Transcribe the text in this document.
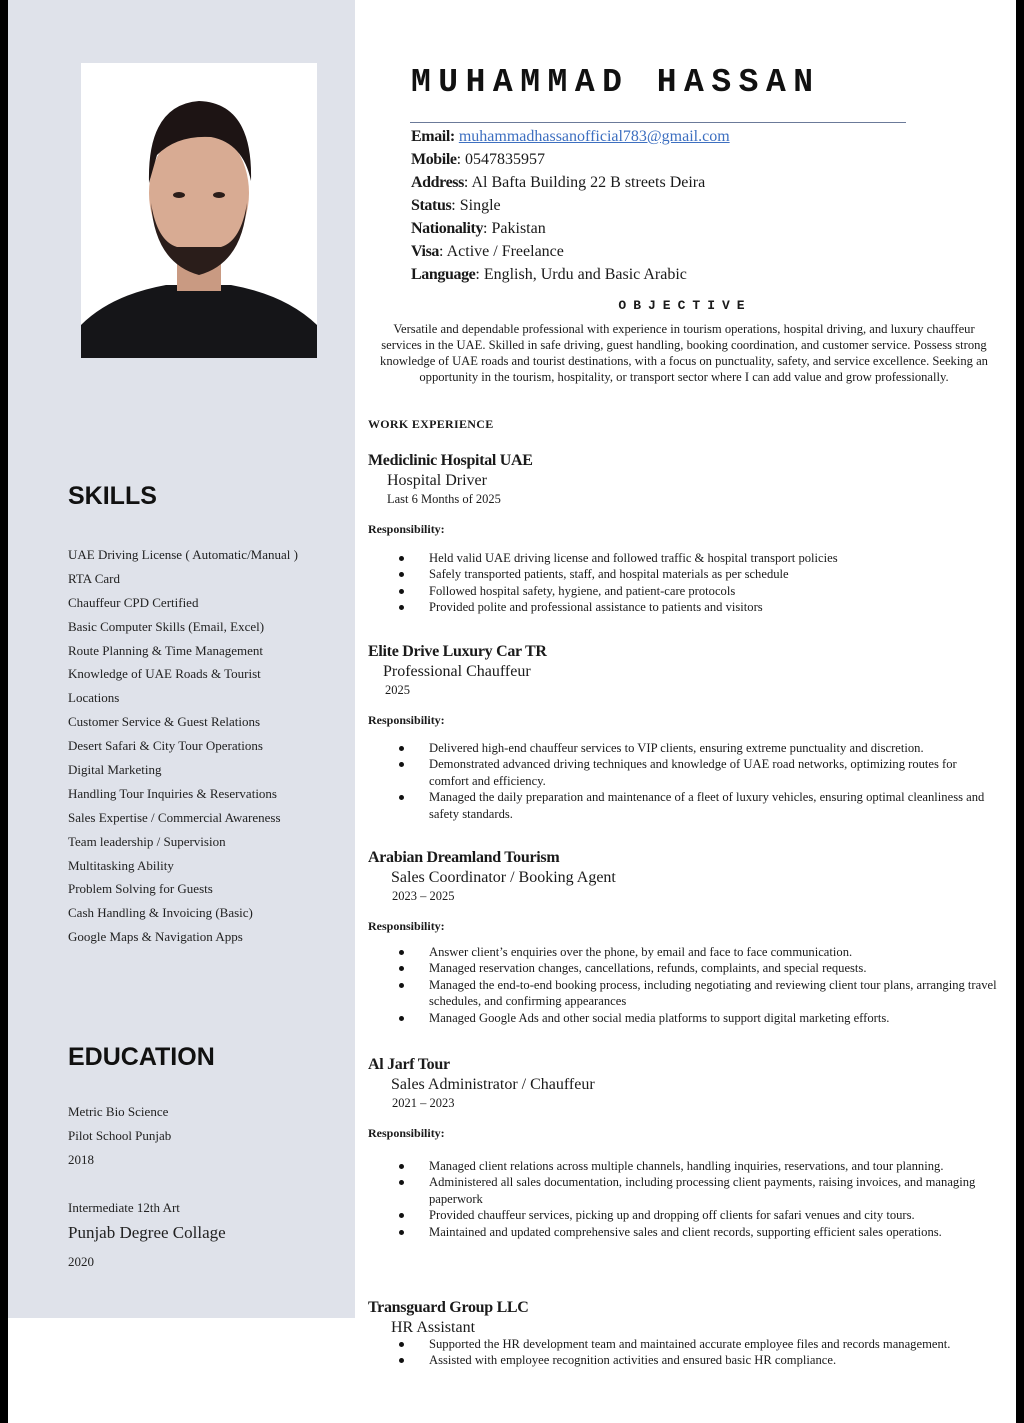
SKILLS
UAE Driving License ( Automatic/Manual )
RTA Card
Chauffeur CPD Certified
Basic Computer Skills (Email, Excel)
Route Planning & Time Management
Knowledge of UAE Roads & Tourist
Locations
Customer Service & Guest Relations
Desert Safari & City Tour Operations
Digital Marketing
Handling Tour Inquiries & Reservations
Sales Expertise / Commercial Awareness
Team leadership / Supervision
Multitasking Ability
Problem Solving for Guests
Cash Handling & Invoicing (Basic)
Google Maps & Navigation Apps
EDUCATION
Metric Bio Science
Pilot School Punjab
2018
Intermediate 12th Art
Punjab Degree Collage
2020
MUHAMMAD HASSAN
Email: muhammadhassanofficial783@gmail.com
Mobile: 0547835957
Address: Al Bafta Building 22 B streets Deira
Status: Single
Nationality: Pakistan
Visa: Active / Freelance
Language: English, Urdu and Basic Arabic
OBJECTIVE
Versatile and dependable professional with experience in tourism operations, hospital driving, and luxury chauffeur services in the UAE. Skilled in safe driving, guest handling, booking coordination, and customer service. Possess strong knowledge of UAE roads and tourist destinations, with a focus on punctuality, safety, and service excellence. Seeking an opportunity in the tourism, hospitality, or transport sector where I can add value and grow professionally.
WORK EXPERIENCE
Mediclinic Hospital UAE
Hospital Driver
Last 6 Months of 2025
Responsibility:
Held valid UAE driving license and followed traffic & hospital transport policies
Safely transported patients, staff, and hospital materials as per schedule
Followed hospital safety, hygiene, and patient-care protocols
Provided polite and professional assistance to patients and visitors
Elite Drive Luxury Car TR
Professional Chauffeur
2025
Responsibility:
Delivered high-end chauffeur services to VIP clients, ensuring extreme punctuality and discretion.
Demonstrated advanced driving techniques and knowledge of UAE road networks, optimizing routes for comfort and efficiency.
Managed the daily preparation and maintenance of a fleet of luxury vehicles, ensuring optimal cleanliness and safety standards.
Arabian Dreamland Tourism
Sales Coordinator / Booking Agent
2023 – 2025
Responsibility:
Answer client’s enquiries over the phone, by email and face to face communication.
Managed reservation changes, cancellations, refunds, complaints, and special requests.
Managed the end-to-end booking process, including negotiating and reviewing client tour plans, arranging travel schedules, and confirming appearances
Managed Google Ads and other social media platforms to support digital marketing efforts.
Al Jarf Tour
Sales Administrator / Chauffeur
2021 – 2023
Responsibility:
Managed client relations across multiple channels, handling inquiries, reservations, and tour planning.
Administered all sales documentation, including processing client payments, raising invoices, and managing paperwork
Provided chauffeur services, picking up and dropping off clients for safari venues and city tours.
Maintained and updated comprehensive sales and client records, supporting efficient sales operations.
Transguard Group LLC
HR Assistant
Supported the HR development team and maintained accurate employee files and records management.
Assisted with employee recognition activities and ensured basic HR compliance.
